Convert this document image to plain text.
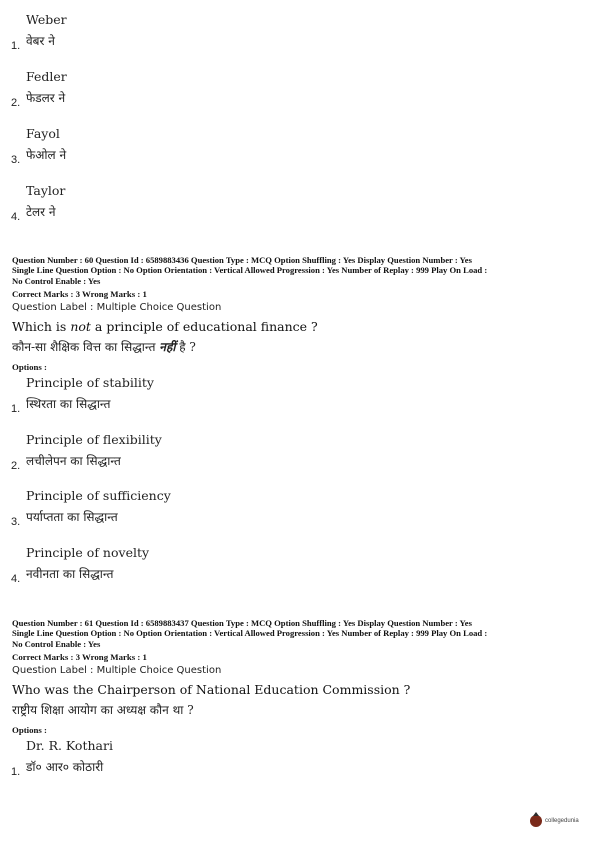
Weber
वेबर ने
1.
Fedler
फेडलर ने
2.
Fayol
फेओल ने
3.
Taylor
टेलर ने
4.
Question Number : 60 Question Id : 6589883436 Question Type : MCQ Option Shuffling : Yes Display Question Number : Yes
Single Line Question Option : No Option Orientation : Vertical Allowed Progression : Yes Number of Replay : 999 Play On Load :
No Control Enable : Yes
Correct Marks : 3 Wrong Marks : 1
Question Label : Multiple Choice Question
Which is not a principle of educational finance ?
कौन-सा शैक्षिक वित्त का सिद्धान्त नहीं है ?
Options :
Principle of stability
स्थिरता का सिद्धान्त
1.
Principle of flexibility
लचीलेपन का सिद्धान्त
2.
Principle of sufficiency
पर्याप्तता का सिद्धान्त
3.
Principle of novelty
नवीनता का सिद्धान्त
4.
Question Number : 61 Question Id : 6589883437 Question Type : MCQ Option Shuffling : Yes Display Question Number : Yes
Single Line Question Option : No Option Orientation : Vertical Allowed Progression : Yes Number of Replay : 999 Play On Load :
No Control Enable : Yes
Correct Marks : 3 Wrong Marks : 1
Question Label : Multiple Choice Question
Who was the Chairperson of National Education Commission ?
राष्ट्रीय शिक्षा आयोग का अध्यक्ष कौन था ?
Options :
Dr. R. Kothari
डॉ० आर० कोठारी
1.
collegedunia
